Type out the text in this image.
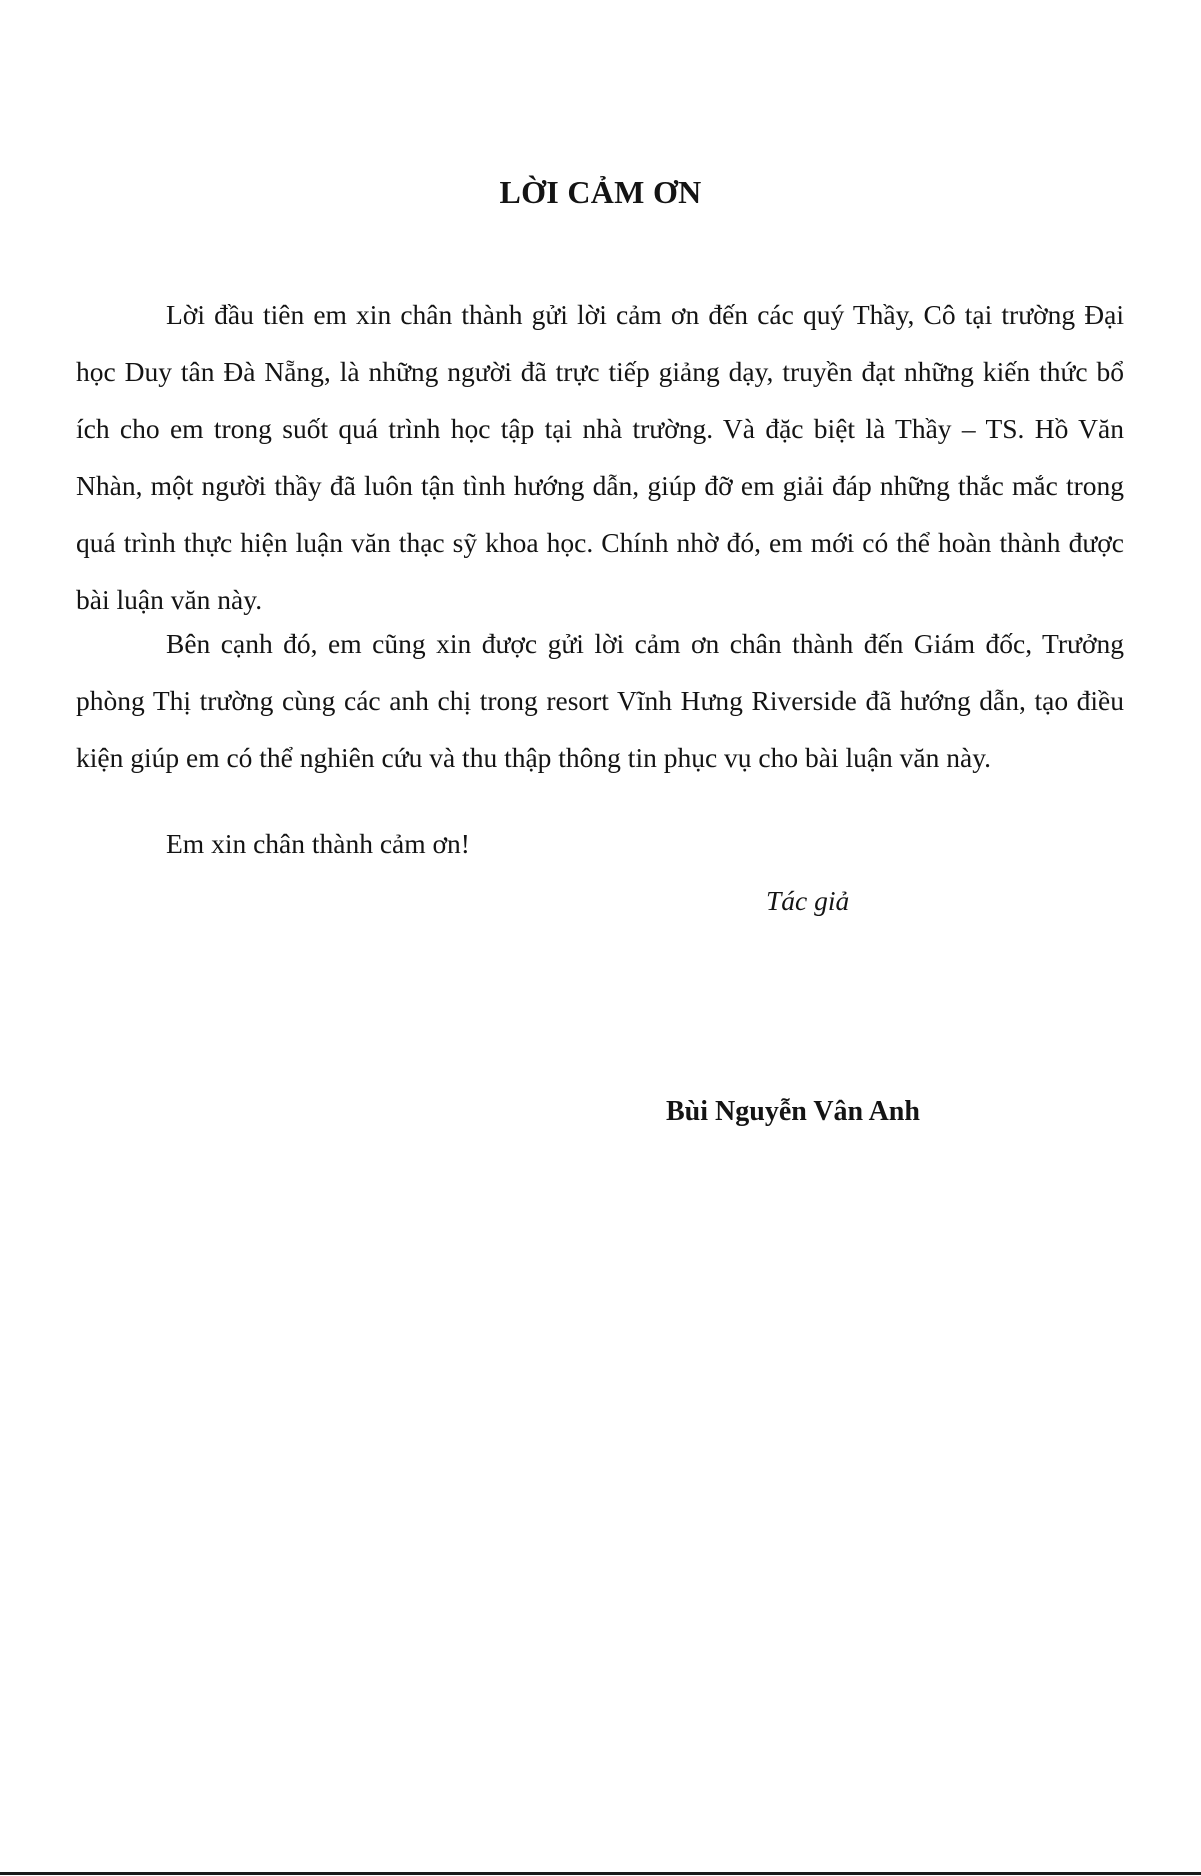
LỜI CẢM ƠN

Lời đầu tiên em xin chân thành gửi lời cảm ơn đến các quý Thầy, Cô tại trường Đại học Duy tân Đà Nẵng, là những người đã trực tiếp giảng dạy, truyền đạt những kiến thức bổ ích cho em trong suốt quá trình học tập tại nhà trường. Và đặc biệt là Thầy – TS. Hồ Văn Nhàn, một người thầy đã luôn tận tình hướng dẫn, giúp đỡ em giải đáp những thắc mắc trong quá trình thực hiện luận văn thạc sỹ khoa học. Chính nhờ đó, em mới có thể hoàn thành được bài luận văn này.

Bên cạnh đó, em cũng xin được gửi lời cảm ơn chân thành đến Giám đốc, Trưởng phòng Thị trường cùng các anh chị trong resort Vĩnh Hưng Riverside đã hướng dẫn, tạo điều kiện giúp em có thể nghiên cứu và thu thập thông tin phục vụ cho bài luận văn này.

Em xin chân thành cảm ơn!

Tác giả

Bùi Nguyễn Vân Anh
